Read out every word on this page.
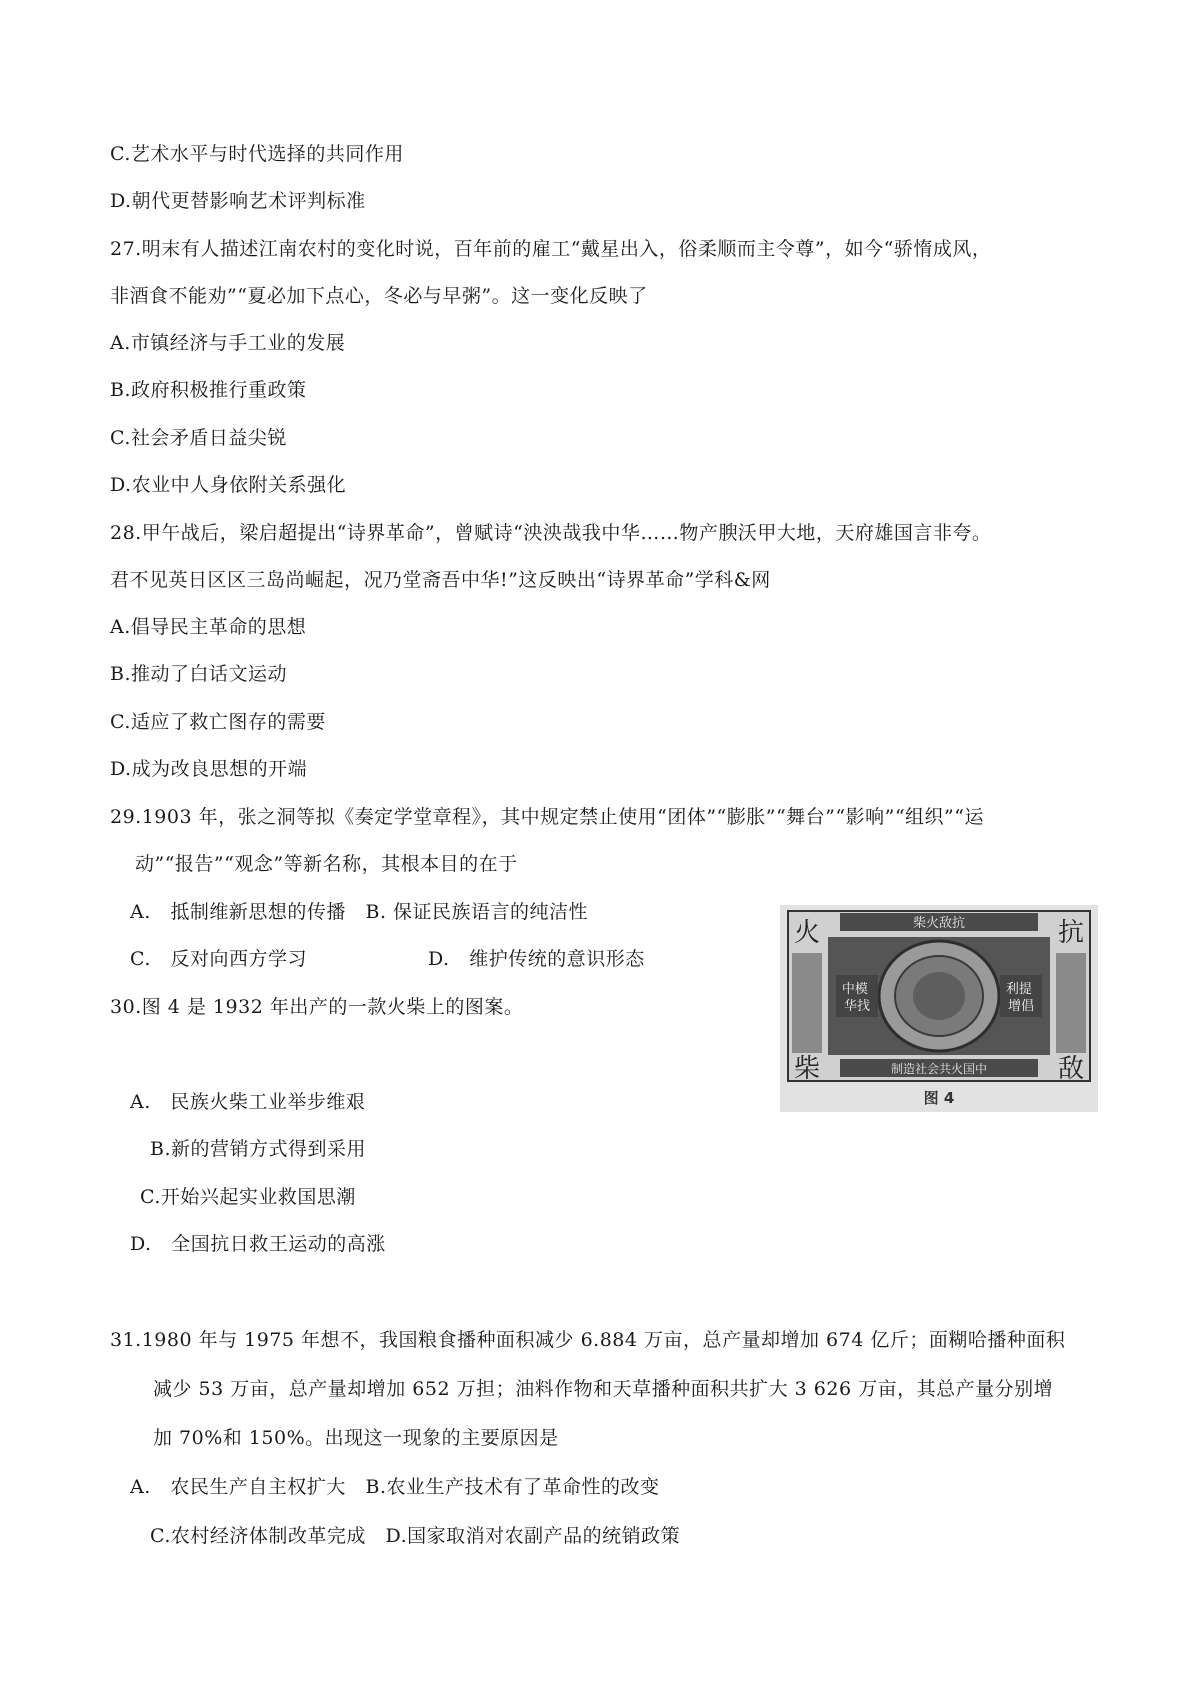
C.艺术水平与时代选择的共同作用
D.朝代更替影响艺术评判标准
27.明末有人描述江南农村的变化时说，百年前的雇工“戴星出入，俗柔顺而主令尊”，如今“骄惰成风，
非酒食不能劝”“夏必加下点心，冬必与早粥”。这一变化反映了
A.市镇经济与手工业的发展
B.政府积极推行重政策
C.社会矛盾日益尖锐
D.农业中人身依附关系强化
28.甲午战后，梁启超提出“诗界革命”，曾赋诗“泱泱哉我中华……物产腴沃甲大地，天府雄国言非夸。
君不见英日区区三岛尚崛起，况乃堂斋吾中华!”这反映出“诗界革命”学科&网
A.倡导民主革命的思想
B.推动了白话文运动
C.适应了救亡图存的需要
D.成为改良思想的开端
29.1903 年，张之洞等拟《奏定学堂章程》，其中规定禁止使用“团体”“膨胀”“舞台”“影响”“组织”“运
动”“报告”“观念”等新名称，其根本目的在于
A.   抵制维新思想的传播   B. 保证民族语言的纯洁性
C.   反对向西方学习	D.   维护传统的意识形态
30.图 4 是 1932 年出产的一款火柴上的图案。
A.   民族火柴工业举步维艰
B.新的营销方式得到采用
C.开始兴起实业救国思潮
D.   全国抗日救王运动的高涨
柴火敌抗
制造社会共火国中
火	抗
柴	敌
中模 华找
利提 增倡
图 4
31.1980 年与 1975 年想不，我国粮食播种面积减少 6.884 万亩，总产量却增加 674 亿斤；面糊哈播种面积
减少 53 万亩，总产量却增加 652 万担；油料作物和天草播种面积共扩大 3 626 万亩，其总产量分别增
加 70%和 150%。出现这一现象的主要原因是
A.   农民生产自主权扩大   B.农业生产技术有了革命性的改变
C.农村经济体制改革完成   D.国家取消对农副产品的统销政策
